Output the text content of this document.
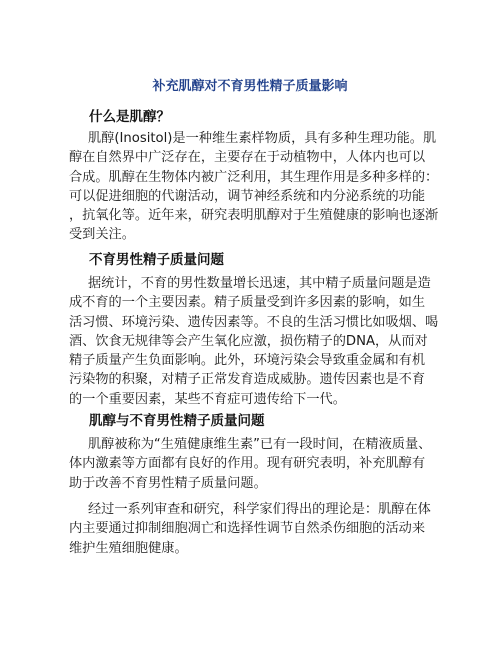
补充肌醇对不育男性精子质量影响
什么是肌醇？
肌醇(Inositol)是一种维生素样物质，具有多种生理功能。肌
醇在自然界中广泛存在，主要存在于动植物中，人体内也可以
合成。肌醇在生物体内被广泛利用，其生理作用是多种多样的：
可以促进细胞的代谢活动，调节神经系统和内分泌系统的功能
，抗氧化等。近年来，研究表明肌醇对于生殖健康的影响也逐渐
受到关注。
不育男性精子质量问题
据统计，不育的男性数量增长迅速，其中精子质量问题是造
成不育的一个主要因素。精子质量受到许多因素的影响，如生
活习惯、环境污染、遗传因素等。不良的生活习惯比如吸烟、喝
酒、饮食无规律等会产生氧化应激，损伤精子的DNA，从而对
精子质量产生负面影响。此外，环境污染会导致重金属和有机
污染物的积聚，对精子正常发育造成威胁。遗传因素也是不育
的一个重要因素，某些不育症可遗传给下一代。
肌醇与不育男性精子质量问题
肌醇被称为“生殖健康维生素”已有一段时间，在精液质量、
体内激素等方面都有良好的作用。现有研究表明，补充肌醇有
助于改善不育男性精子质量问题。
经过一系列审查和研究，科学家们得出的理论是：肌醇在体
内主要通过抑制细胞凋亡和选择性调节自然杀伤细胞的活动来
维护生殖细胞健康。
